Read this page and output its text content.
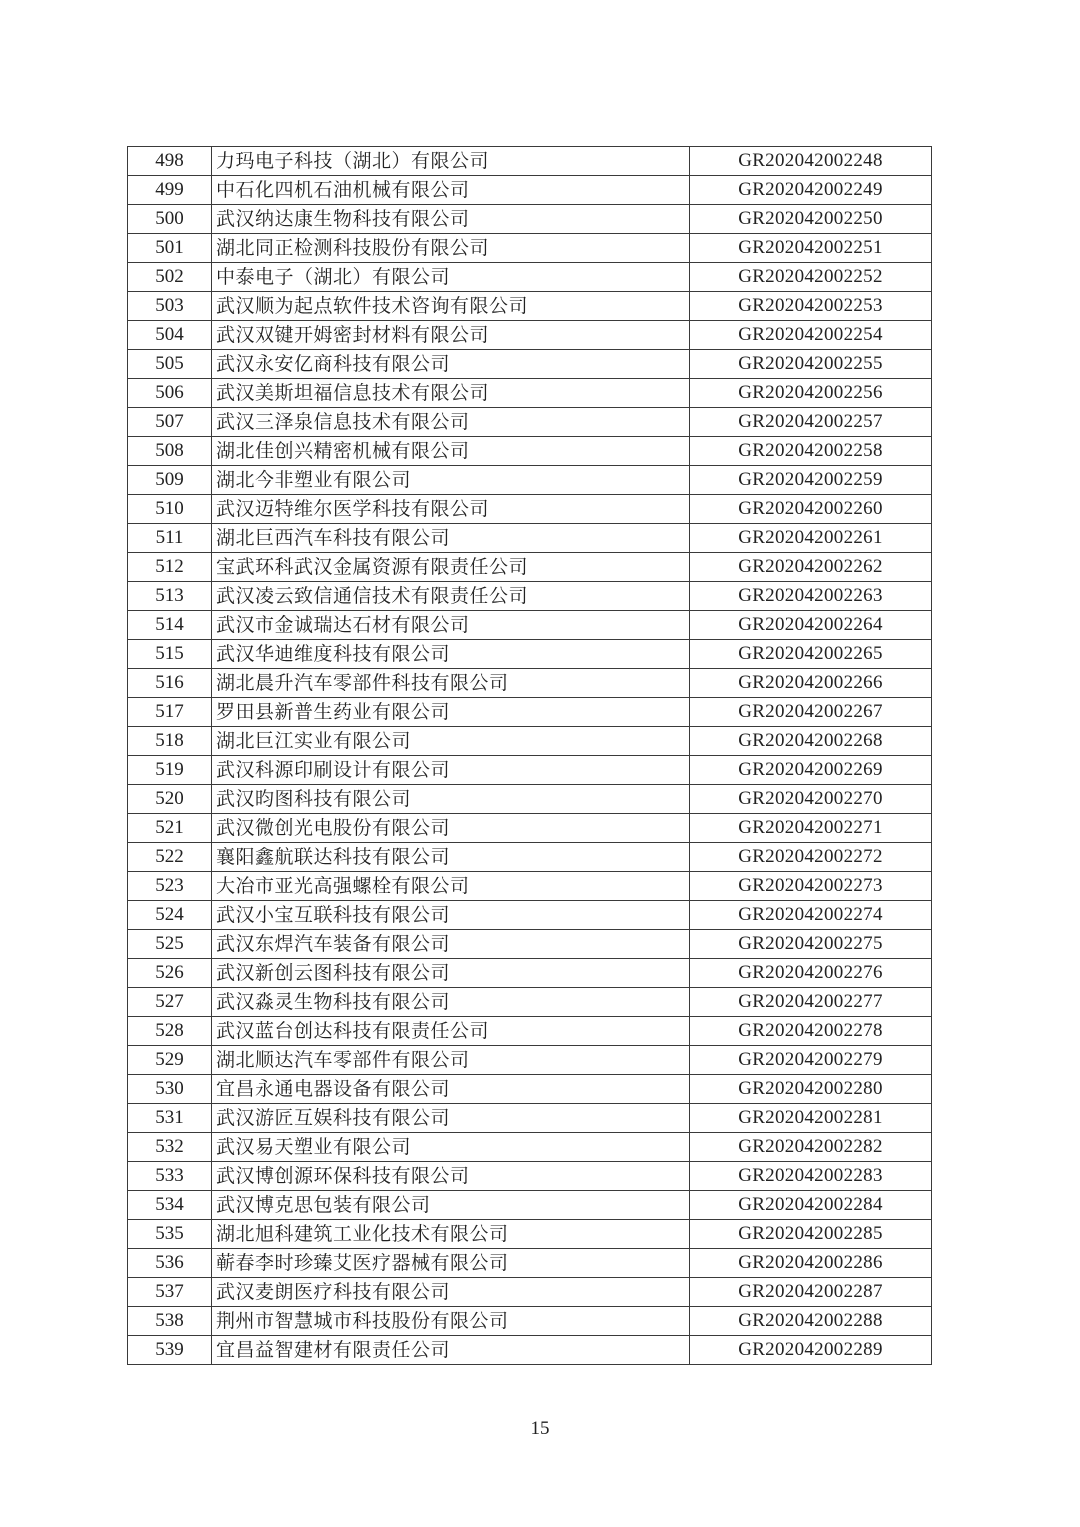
498	力玛电子科技（湖北）有限公司	GR202042002248
499	中石化四机石油机械有限公司	GR202042002249
500	武汉纳达康生物科技有限公司	GR202042002250
501	湖北同正检测科技股份有限公司	GR202042002251
502	中泰电子（湖北）有限公司	GR202042002252
503	武汉顺为起点软件技术咨询有限公司	GR202042002253
504	武汉双键开姆密封材料有限公司	GR202042002254
505	武汉永安亿商科技有限公司	GR202042002255
506	武汉美斯坦福信息技术有限公司	GR202042002256
507	武汉三泽泉信息技术有限公司	GR202042002257
508	湖北佳创兴精密机械有限公司	GR202042002258
509	湖北今非塑业有限公司	GR202042002259
510	武汉迈特维尔医学科技有限公司	GR202042002260
511	湖北巨西汽车科技有限公司	GR202042002261
512	宝武环科武汉金属资源有限责任公司	GR202042002262
513	武汉凌云致信通信技术有限责任公司	GR202042002263
514	武汉市金诚瑞达石材有限公司	GR202042002264
515	武汉华迪维度科技有限公司	GR202042002265
516	湖北晨升汽车零部件科技有限公司	GR202042002266
517	罗田县新普生药业有限公司	GR202042002267
518	湖北巨江实业有限公司	GR202042002268
519	武汉科源印刷设计有限公司	GR202042002269
520	武汉昀图科技有限公司	GR202042002270
521	武汉微创光电股份有限公司	GR202042002271
522	襄阳鑫航联达科技有限公司	GR202042002272
523	大冶市亚光高强螺栓有限公司	GR202042002273
524	武汉小宝互联科技有限公司	GR202042002274
525	武汉东焊汽车装备有限公司	GR202042002275
526	武汉新创云图科技有限公司	GR202042002276
527	武汉淼灵生物科技有限公司	GR202042002277
528	武汉蓝台创达科技有限责任公司	GR202042002278
529	湖北顺达汽车零部件有限公司	GR202042002279
530	宜昌永通电器设备有限公司	GR202042002280
531	武汉游匠互娱科技有限公司	GR202042002281
532	武汉易天塑业有限公司	GR202042002282
533	武汉博创源环保科技有限公司	GR202042002283
534	武汉博克思包装有限公司	GR202042002284
535	湖北旭科建筑工业化技术有限公司	GR202042002285
536	蕲春李时珍臻艾医疗器械有限公司	GR202042002286
537	武汉麦朗医疗科技有限公司	GR202042002287
538	荆州市智慧城市科技股份有限公司	GR202042002288
539	宜昌益智建材有限责任公司	GR202042002289
15
